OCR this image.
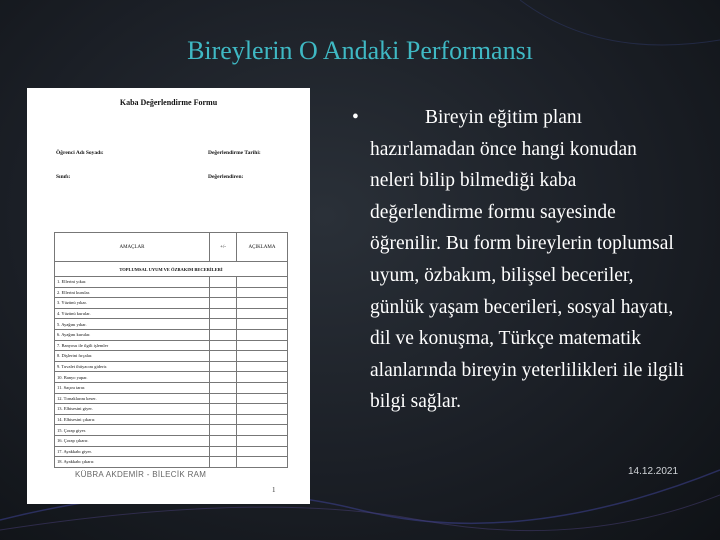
Bireylerin O Andaki Performansı
Kaba Değerlendirme Formu
Öğrenci Adı Soyadı:	Değerlendirme Tarihi:
Sınıfı:	Değerlendiren:
AMAÇLAR	+/-	AÇIKLAMA
TOPLUMSAL UYUM VE ÖZBAKIM BECERİLERİ		
1. Ellerini yıkar.		
2. Ellerini kurular.		
3. Yüzünü yıkar.		
4. Yüzünü kurular.		
5. Ayağını yıkar.		
6. Ayağını kurular.		
7. Banyosu ile ilgili işlemler		
8. Dişlerini fırçalar.		
9. Tuvalet ihtiyacını giderir.		
10. Banyo yapar.		
11. Saçını tarar.		
12. Tırnaklarını keser.		
13. Elbisesini giyer.		
14. Elbisesini çıkarır.		
15. Çorap giyer.		
16. Çorap çıkarır.		
17. Ayakkabı giyer.		
18. Ayakkabı çıkarır.		
KÜBRA AKDEMİR - BİLECİK RAM
1
•	Bireyin eğitim planı hazırlamadan önce hangi konudan neleri bilip bilmediği kaba değerlendirme formu sayesinde öğrenilir. Bu form bireylerin toplumsal uyum, özbakım, bilişsel beceriler, günlük yaşam becerileri, sosyal hayatı, dil ve konuşma, Türkçe matematik alanlarında bireyin yeterlilikleri ile ilgili bilgi sağlar.
14.12.2021
